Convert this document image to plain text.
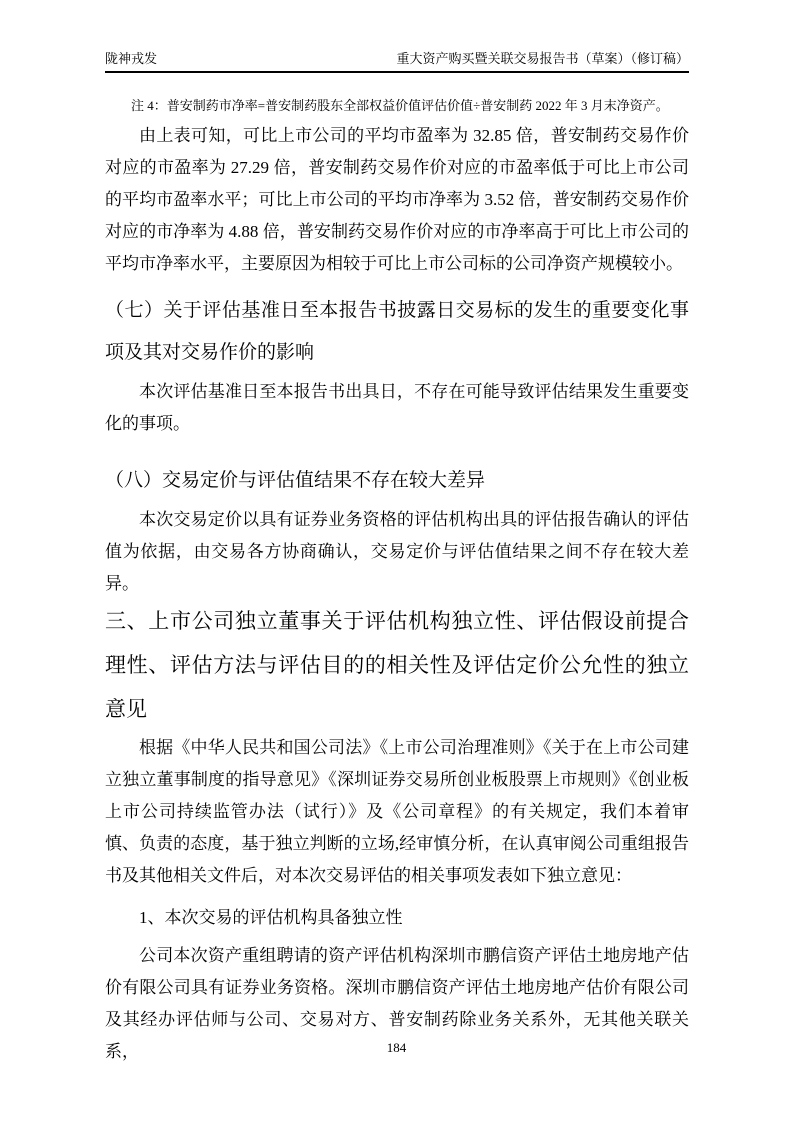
陇神戎发	重大资产购买暨关联交易报告书（草案）（修订稿）

注 4：普安制药市净率=普安制药股东全部权益价值评估价值÷普安制药 2022 年 3 月末净资产。

由上表可知，可比上市公司的平均市盈率为 32.85 倍，普安制药交易作价对应的市盈率为 27.29 倍，普安制药交易作价对应的市盈率低于可比上市公司的平均市盈率水平；可比上市公司的平均市净率为 3.52 倍，普安制药交易作价对应的市净率为 4.88 倍，普安制药交易作价对应的市净率高于可比上市公司的平均市净率水平，主要原因为相较于可比上市公司标的公司净资产规模较小。

（七）关于评估基准日至本报告书披露日交易标的发生的重要变化事项及其对交易作价的影响

本次评估基准日至本报告书出具日，不存在可能导致评估结果发生重要变化的事项。

（八）交易定价与评估值结果不存在较大差异

本次交易定价以具有证券业务资格的评估机构出具的评估报告确认的评估值为依据，由交易各方协商确认，交易定价与评估值结果之间不存在较大差异。

三、上市公司独立董事关于评估机构独立性、评估假设前提合理性、评估方法与评估目的的相关性及评估定价公允性的独立意见

根据《中华人民共和国公司法》《上市公司治理准则》《关于在上市公司建立独立董事制度的指导意见》《深圳证券交易所创业板股票上市规则》《创业板上市公司持续监管办法（试行）》及《公司章程》的有关规定，我们本着审慎、负责的态度，基于独立判断的立场,经审慎分析，在认真审阅公司重组报告书及其他相关文件后，对本次交易评估的相关事项发表如下独立意见：

1、本次交易的评估机构具备独立性

公司本次资产重组聘请的资产评估机构深圳市鹏信资产评估土地房地产估价有限公司具有证券业务资格。深圳市鹏信资产评估土地房地产估价有限公司及其经办评估师与公司、交易对方、普安制药除业务关系外，无其他关联关系，	184
